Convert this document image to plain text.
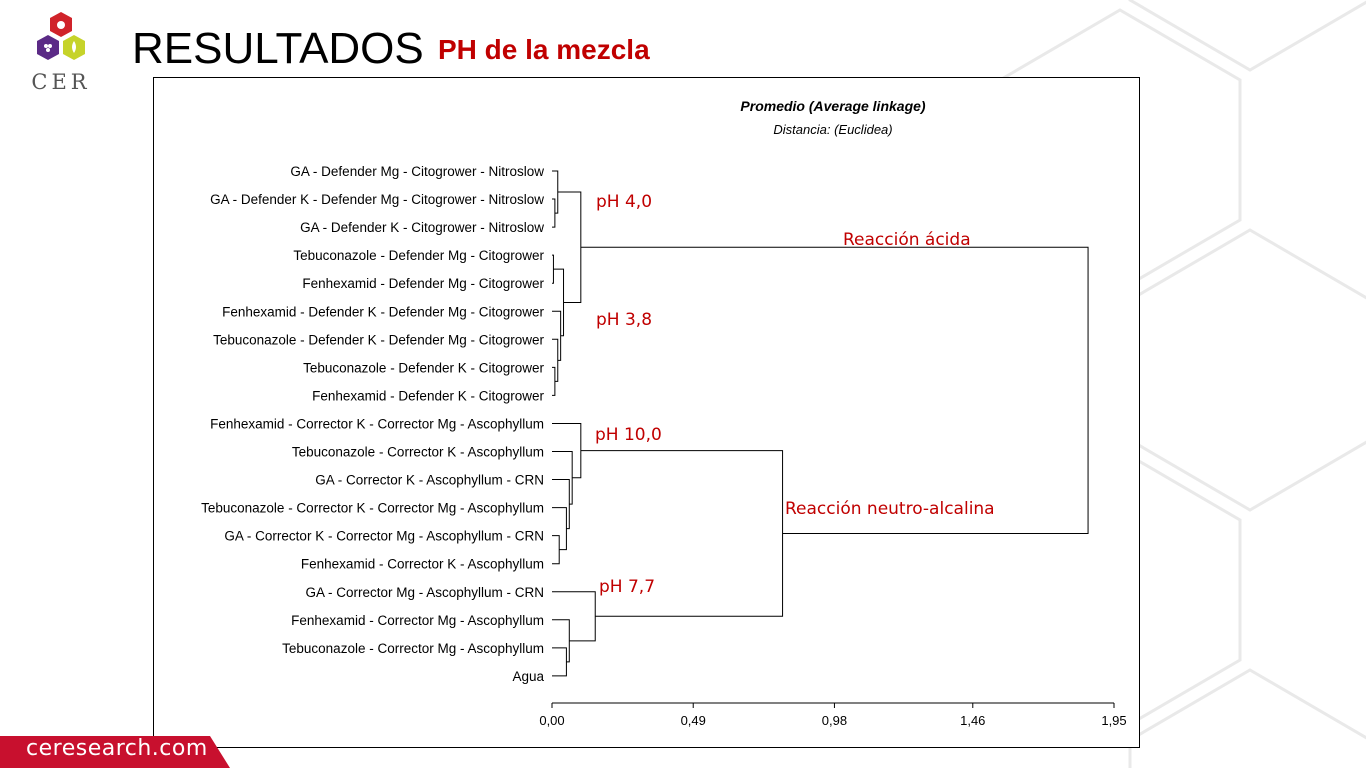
CER
RESULTADOS PH de la mezcla
Promedio (Average linkage)
Distancia: (Euclidea)
GA - Defender Mg - Citogrower - Nitroslow
GA - Defender K - Defender Mg - Citogrower - Nitroslow
GA - Defender K - Citogrower - Nitroslow
Tebuconazole - Defender Mg - Citogrower
Fenhexamid - Defender Mg - Citogrower
Fenhexamid - Defender K - Defender Mg - Citogrower
Tebuconazole - Defender K - Defender Mg - Citogrower
Tebuconazole - Defender K - Citogrower
Fenhexamid - Defender K - Citogrower
Fenhexamid - Corrector K - Corrector Mg - Ascophyllum
Tebuconazole - Corrector K - Ascophyllum
GA - Corrector K - Ascophyllum - CRN
Tebuconazole - Corrector K - Corrector Mg - Ascophyllum
GA - Corrector K - Corrector Mg - Ascophyllum - CRN
Fenhexamid - Corrector K - Ascophyllum
GA - Corrector Mg - Ascophyllum - CRN
Fenhexamid - Corrector Mg - Ascophyllum
Tebuconazole - Corrector Mg - Ascophyllum
Agua
0,00	0,49	0,98	1,46	1,95
pH 4,0
pH 3,8
pH 10,0
pH 7,7
Reacción ácida
Reacción neutro-alcalina
ceresearch.com
